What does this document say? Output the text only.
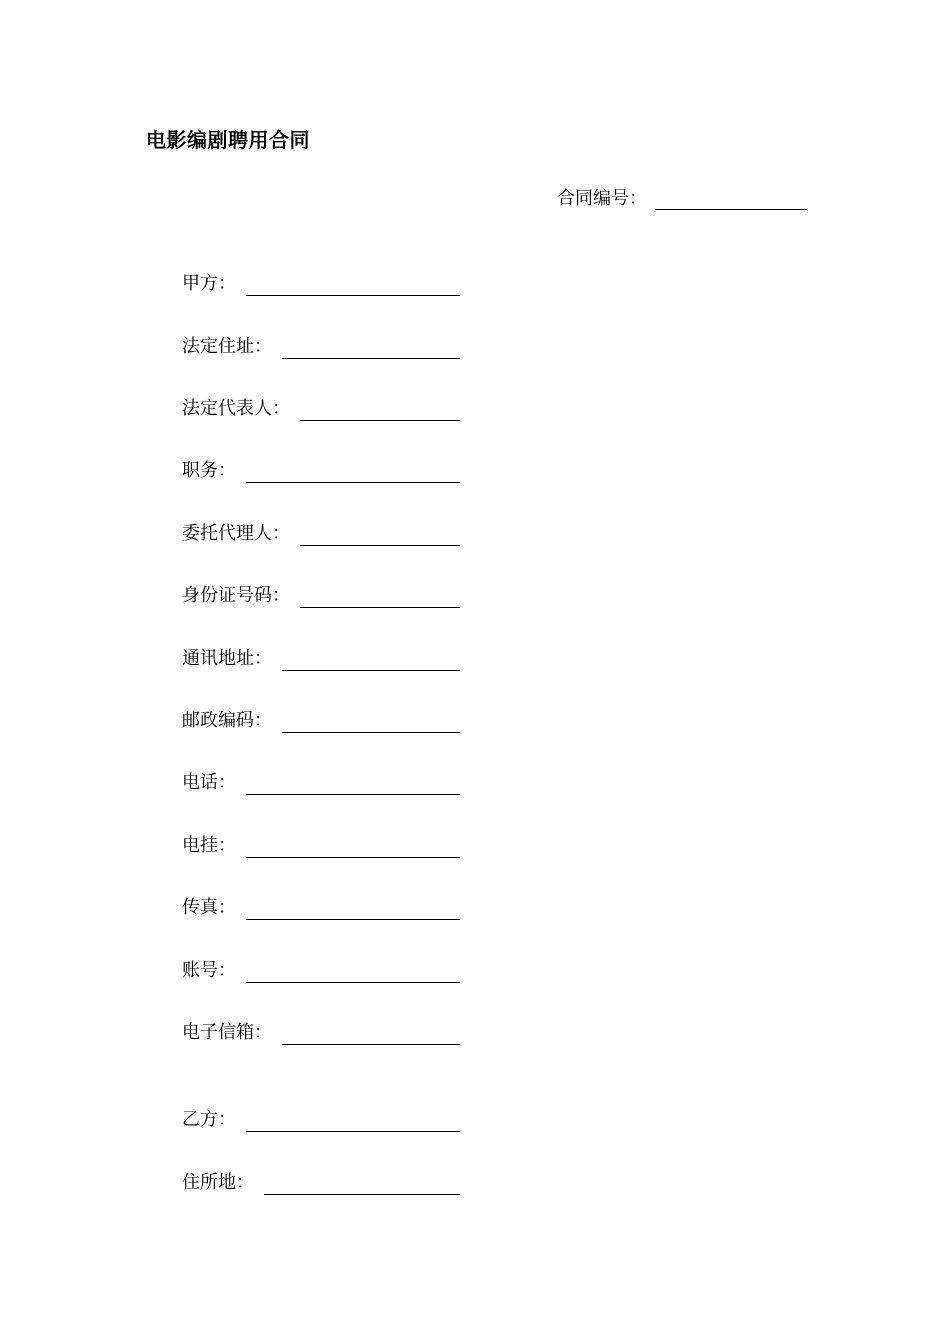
电影编剧聘用合同
合同编号：
甲方：
法定住址：
法定代表人：
职务：
委托代理人：
身份证号码：
通讯地址：
邮政编码：
电话：
电挂：
传真：
账号：
电子信箱：
乙方：
住所地：
